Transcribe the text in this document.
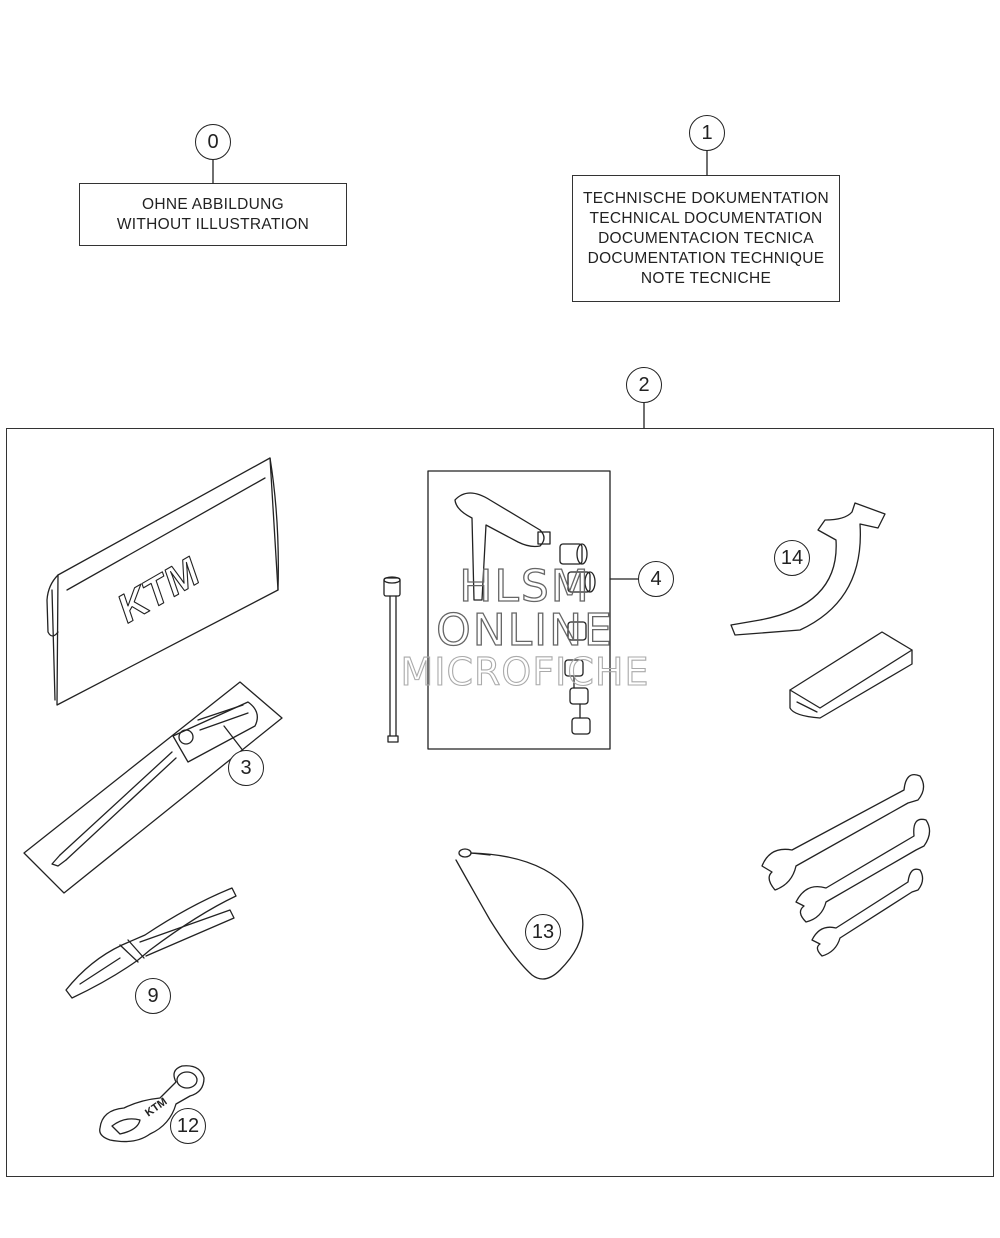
0
OHNE ABBILDUNG
WITHOUT ILLUSTRATION
1
TECHNISCHE DOKUMENTATION
TECHNICAL DOCUMENTATION
DOCUMENTACION TECNICA
DOCUMENTATION TECHNIQUE
NOTE TECNICHE
KTM
KTM
HLSM
ONLINE
MICROFICHE
2
3
4
9
12
13
14
